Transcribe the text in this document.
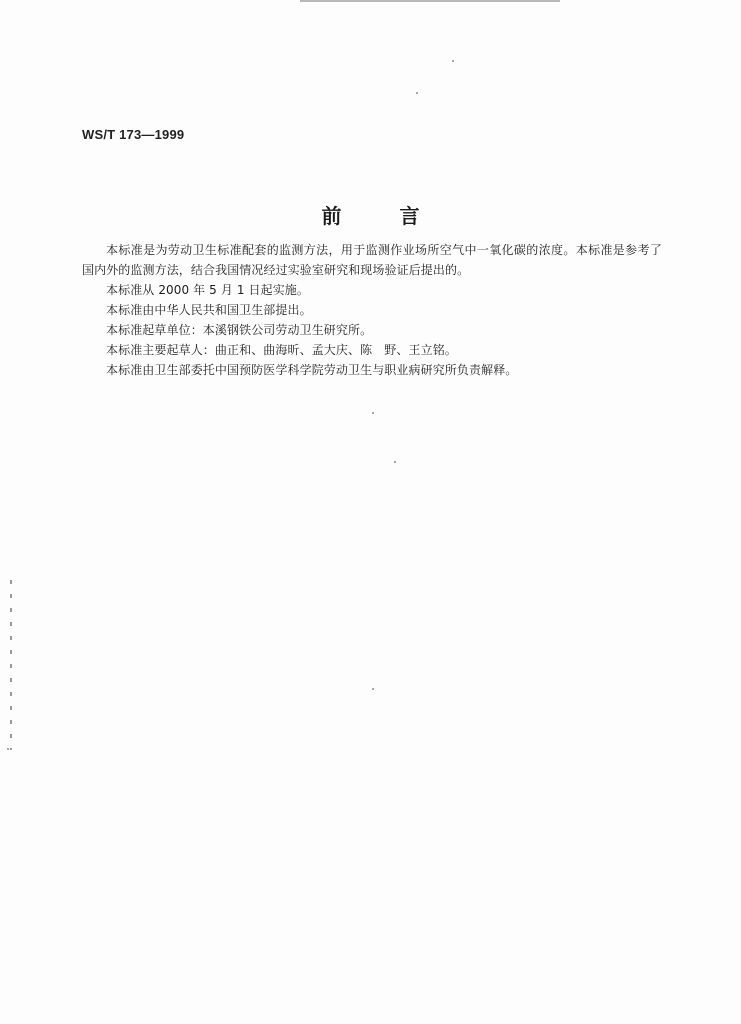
WS/T 173—1999
前	言

本标准是为劳动卫生标准配套的监测方法，用于监测作业场所空气中一氧化碳的浓度。本标准是参考了国内外的监测方法，结合我国情况经过实验室研究和现场验证后提出的。

本标准从 2000 年 5 月 1 日起实施。

本标准由中华人民共和国卫生部提出。

本标准起草单位：本溪钢铁公司劳动卫生研究所。

本标准主要起草人：曲正和、曲海昕、孟大庆、陈　野、王立铭。

本标准由卫生部委托中国预防医学科学院劳动卫生与职业病研究所负责解释。
